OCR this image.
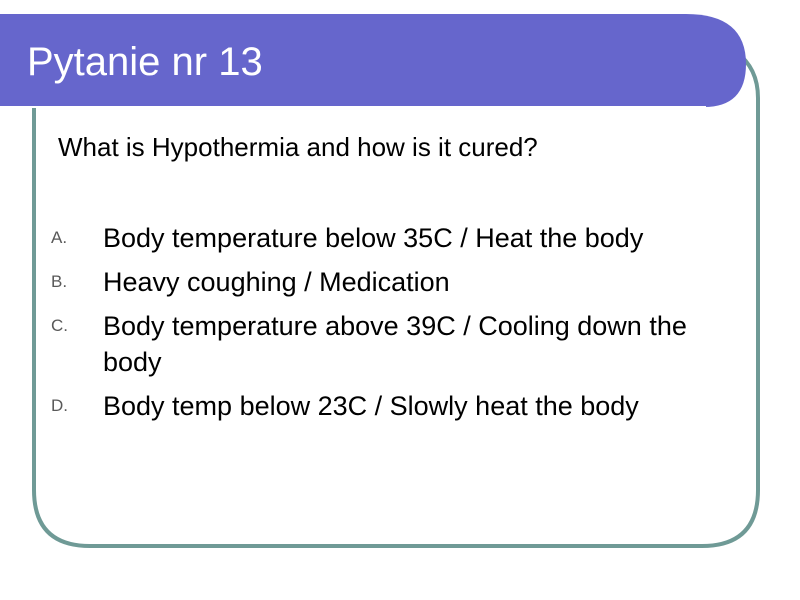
Pytanie nr 13

What is Hypothermia and how is it cured?

A. Body temperature below 35C / Heat the body
B. Heavy coughing / Medication
C. Body temperature above 39C / Cooling down the body
D. Body temp below 23C / Slowly heat the body
